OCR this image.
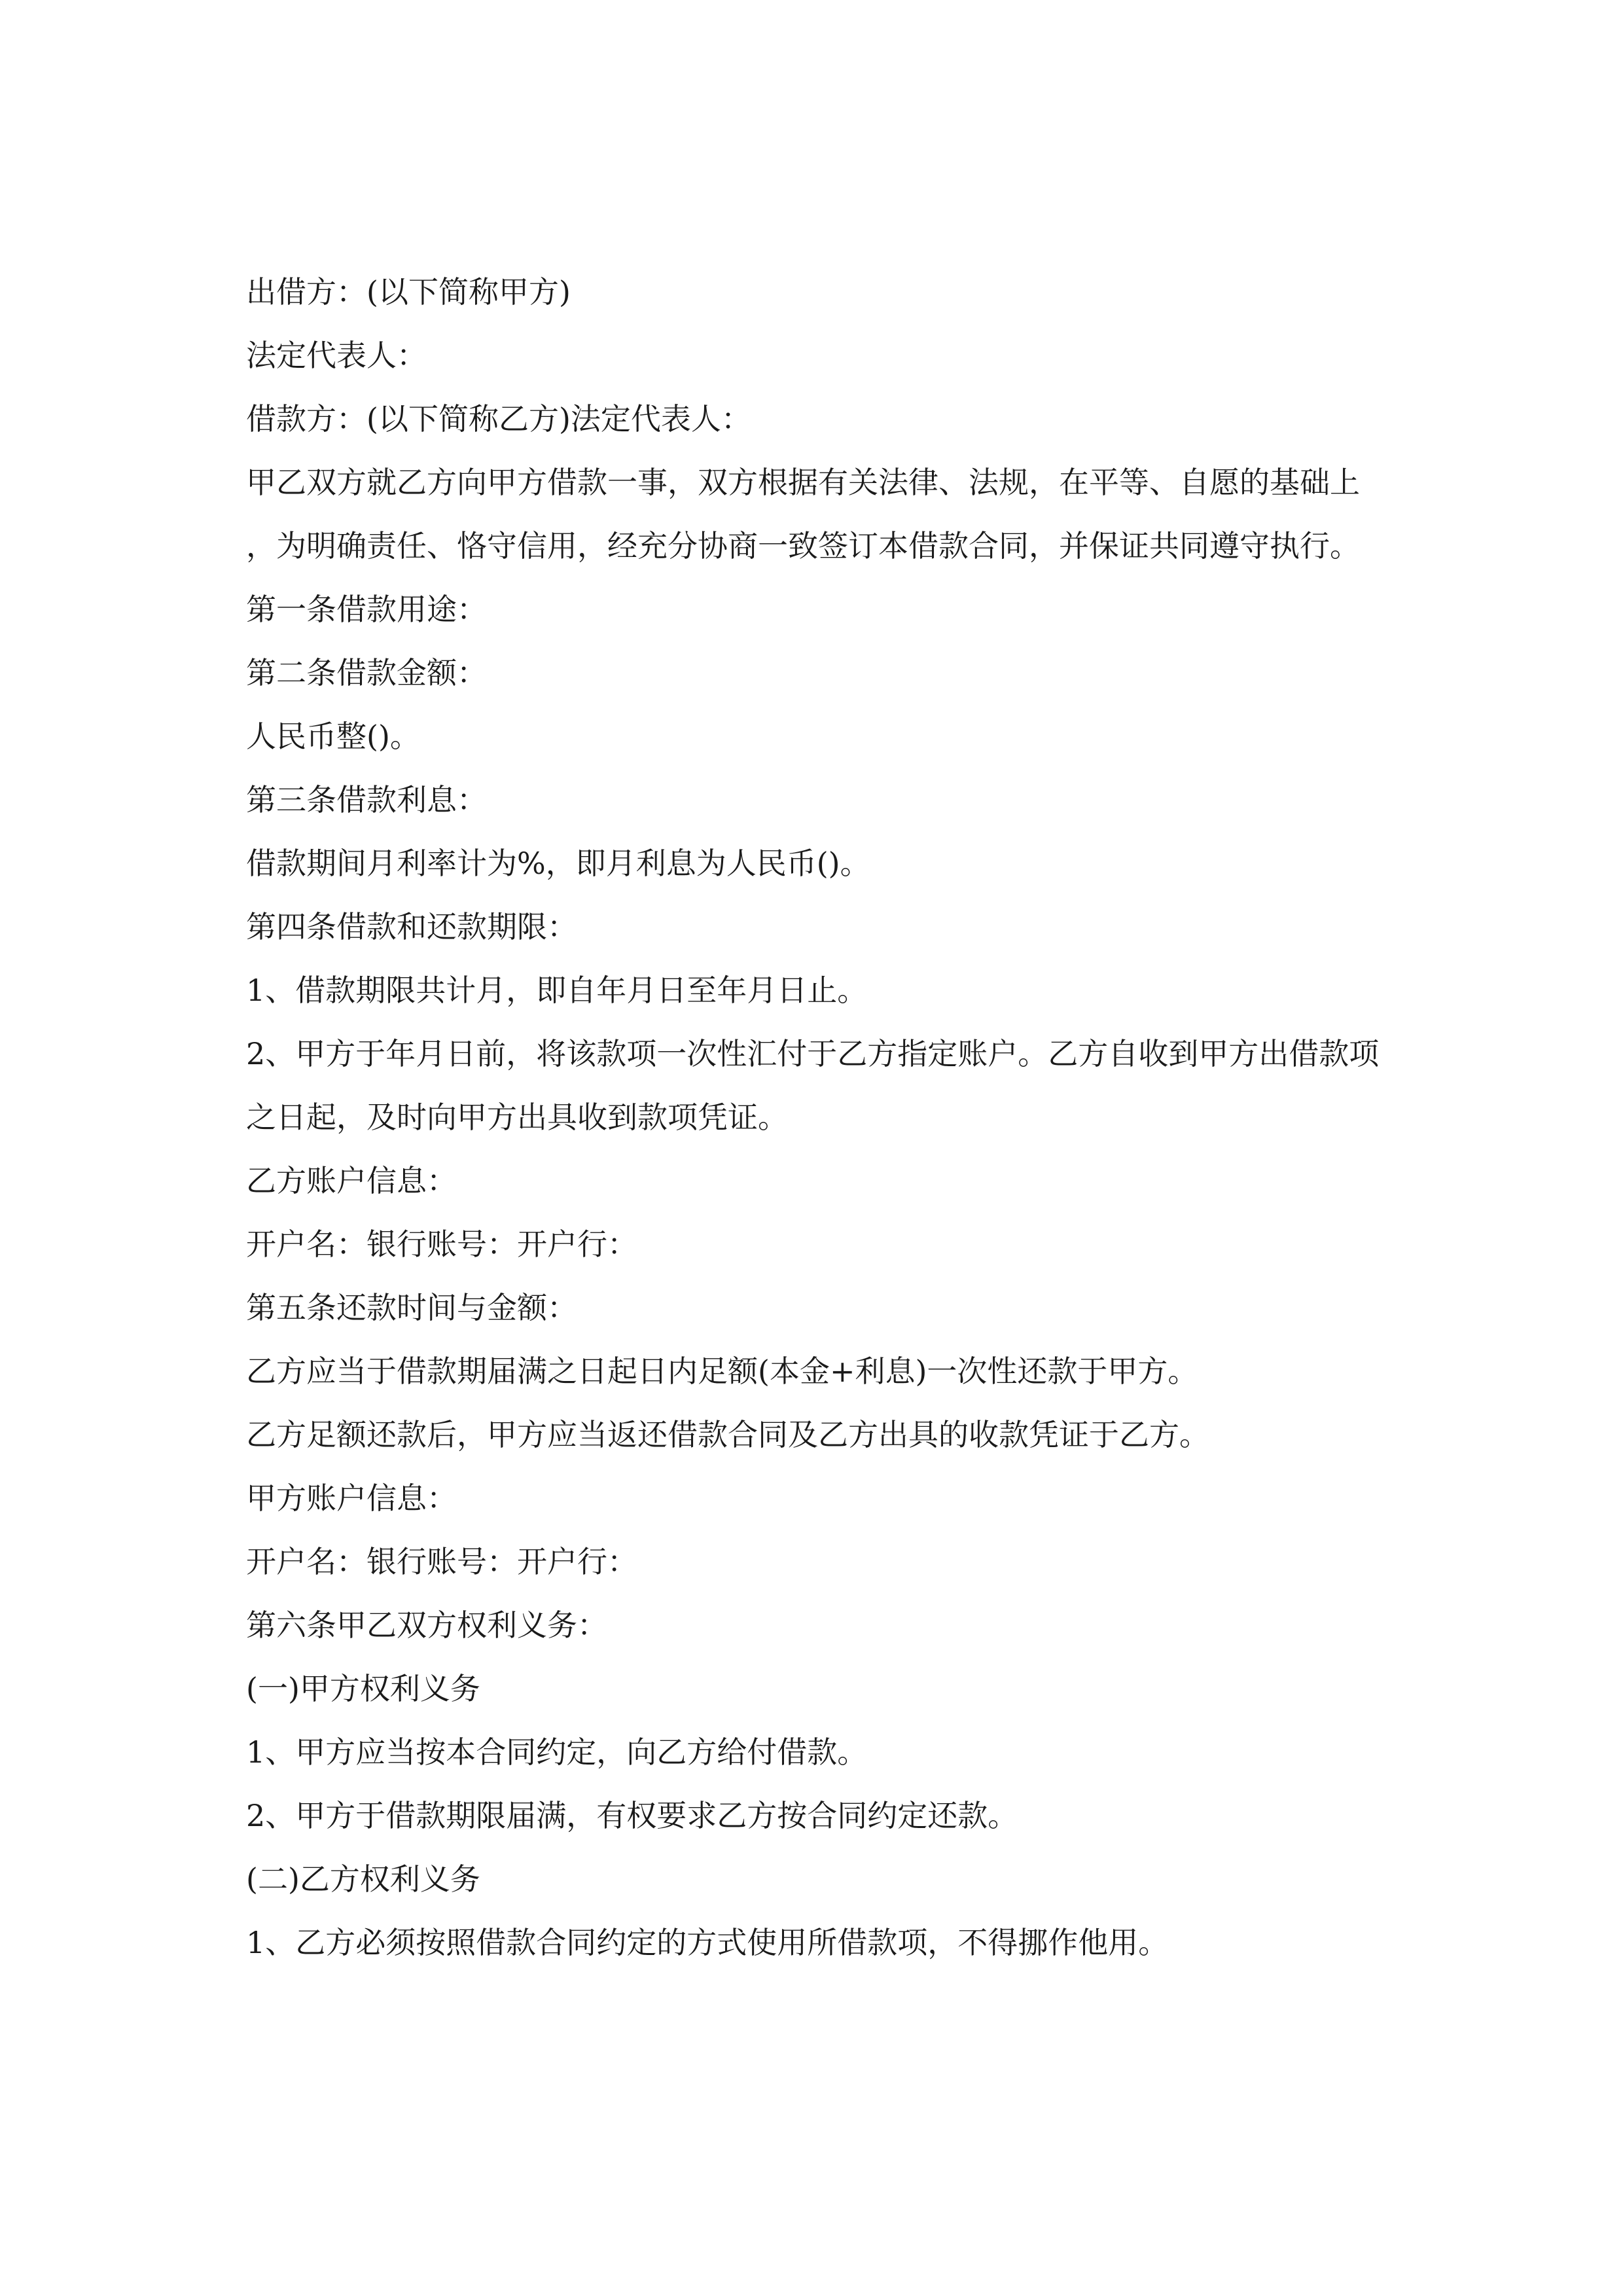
出借方：(以下简称甲方)
法定代表人：
借款方：(以下简称乙方)法定代表人：
甲乙双方就乙方向甲方借款一事，双方根据有关法律、法规，在平等、自愿的基础上，为明确责任、恪守信用，经充分协商一致签订本借款合同，并保证共同遵守执行。
第一条借款用途：
第二条借款金额：
人民币整()。
第三条借款利息：
借款期间月利率计为%，即月利息为人民币()。
第四条借款和还款期限：
1、借款期限共计月，即自年月日至年月日止。
2、甲方于年月日前，将该款项一次性汇付于乙方指定账户。乙方自收到甲方出借款项之日起，及时向甲方出具收到款项凭证。
乙方账户信息：
开户名：银行账号：开户行：
第五条还款时间与金额：
乙方应当于借款期届满之日起日内足额(本金+利息)一次性还款于甲方。
乙方足额还款后，甲方应当返还借款合同及乙方出具的收款凭证于乙方。
甲方账户信息：
开户名：银行账号：开户行：
第六条甲乙双方权利义务：
(一)甲方权利义务
1、甲方应当按本合同约定，向乙方给付借款。
2、甲方于借款期限届满，有权要求乙方按合同约定还款。
(二)乙方权利义务
1、乙方必须按照借款合同约定的方式使用所借款项，不得挪作他用。
